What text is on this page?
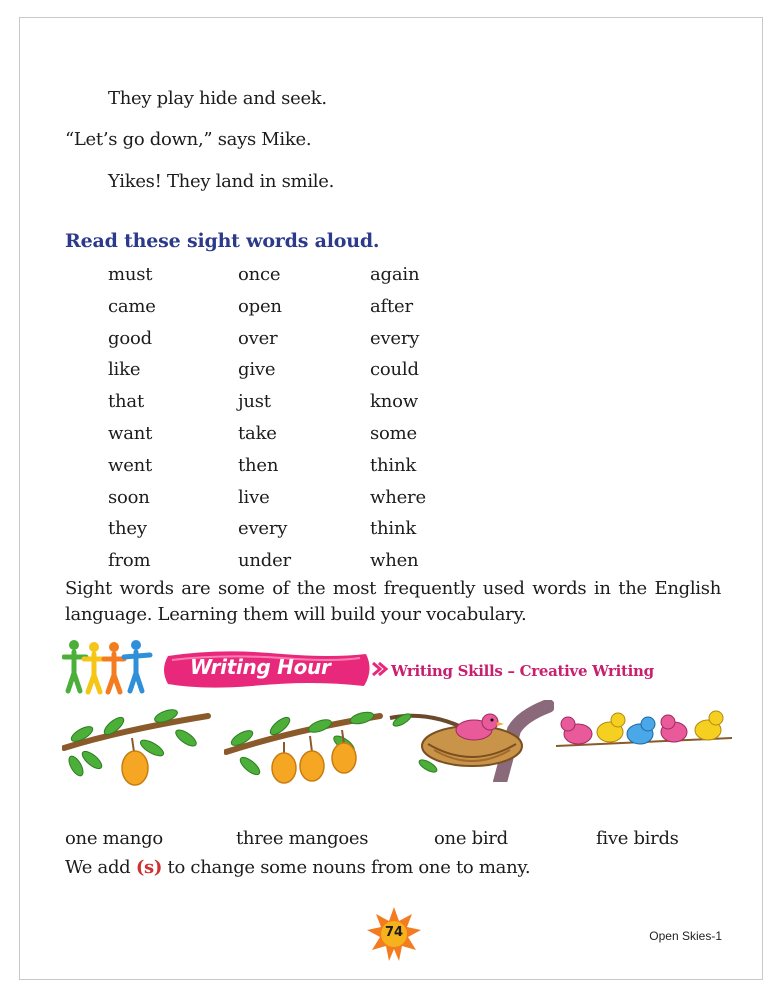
They play hide and seek.
“Let’s go down,” says Mike.
Yikes! They land in smile.
Read these sight words aloud.
must	once	again
came	open	after
good	over	every
like	give	could
that	just	know
want	take	some
went	then	think
soon	live	where
they	every	think
from	under	when

Sight words are some of the most frequently used words in the English language. Learning them will build your vocabulary.

Writing Hour	Writing Skills – Creative Writing
one mango	three mangoes	one bird	five birds
We add (s) to change some nouns from one to many.
74	Open Skies-1
